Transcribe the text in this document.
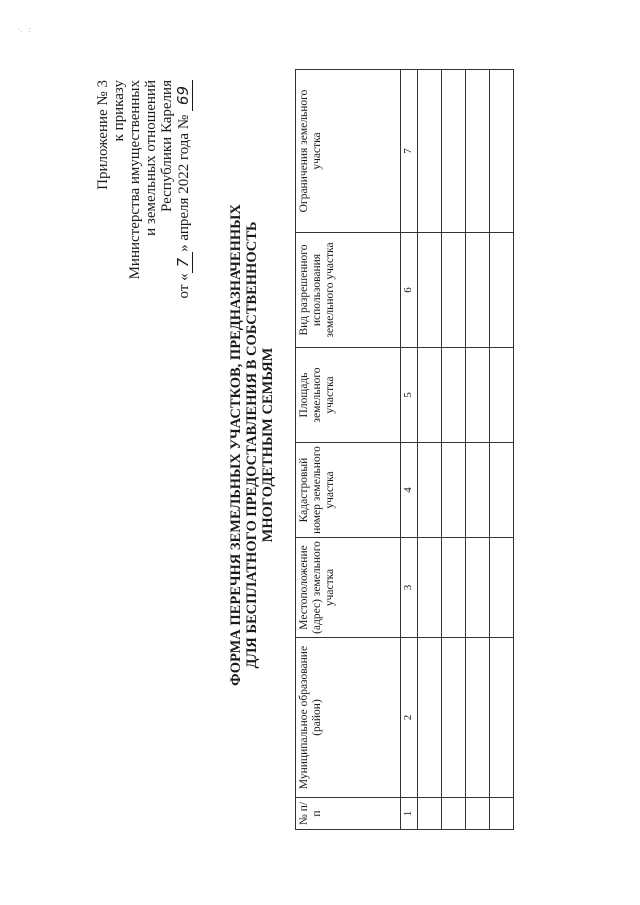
·. ·:
Приложение № 3 к приказу Министерства имущественных и земельных отношений Республики Карелия
от «7» апреля 2022 года № 69
ФОРМА ПЕРЕЧНЯ ЗЕМЕЛЬНЫХ УЧАСТКОВ, ПРЕДНАЗНАЧЕННЫХ ДЛЯ БЕСПЛАТНОГО ПРЕДОСТАВЛЕНИЯ В СОБСТВЕННОСТЬ МНОГОДЕТНЫМ СЕМЬЯМ
№ п/п	Муниципальное образование (район)	Местоположение (адрес) земельного участка	Кадастровый номер земельного участка	Площадь земельного участка	Вид разрешенного использования земельного участка	Ограничения земельного участка
1	2	3	4	5	6	7
